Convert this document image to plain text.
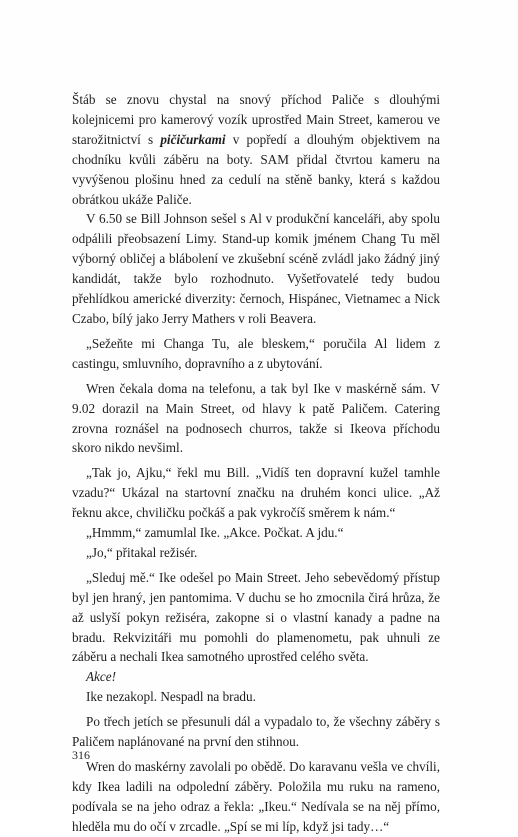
Štáb se znovu chystal na snový příchod Paliče s dlouhými kolejnicemi pro kamerový vozík uprostřed Main Street, kamerou ve starožitnictví s pičičurkami v popředí a dlouhým objektivem na chodníku kvůli záběru na boty. SAM přidal čtvrtou kameru na vyvýšenou plošinu hned za cedulí na stěně banky, která s každou obrátkou ukáže Paliče.

V 6.50 se Bill Johnson sešel s Al v produkční kanceláři, aby spolu odpálili přeobsazení Limy. Stand-up komik jménem Chang Tu měl výborný obličej a blábolení ve zkušební scéně zvládl jako žádný jiný kandidát, takže bylo rozhodnuto. Vyšetřovatelé tedy budou přehlídkou americké diverzity: černoch, Hispánec, Vietnamec a Nick Czabo, bílý jako Jerry Mathers v roli Beavera.

„Sežeňte mi Changa Tu, ale bleskem,“ poručila Al lidem z castingu, smluvního, dopravního a z ubytování.

Wren čekala doma na telefonu, a tak byl Ike v maskérně sám. V 9.02 dorazil na Main Street, od hlavy k patě Paličem. Catering zrovna roznášel na podnosech churros, takže si Ikeova příchodu skoro nikdo nevšiml.

„Tak jo, Ajku,“ řekl mu Bill. „Vidíš ten dopravní kužel tamhle vzadu?“ Ukázal na startovní značku na druhém konci ulice. „Až řeknu akce, chviličku počkáš a pak vykročíš směrem k nám.“

„Hmmm,“ zamumlal Ike. „Akce. Počkat. A jdu.“

„Jo,“ přitakal režisér.

„Sleduj mě.“ Ike odešel po Main Street. Jeho sebevědomý přístup byl jen hraný, jen pantomima. V duchu se ho zmocnila čirá hrůza, že až uslyší pokyn režiséra, zakopne si o vlastní kanady a padne na bradu. Rekvizitáři mu pomohli do plamenometu, pak uhnuli ze záběru a nechali Ikea samotného uprostřed celého světa.

Akce!

Ike nezakopl. Nespadl na bradu.

Po třech jetích se přesunuli dál a vypadalo to, že všechny záběry s Paličem naplánované na první den stihnou.

Wren do maskérny zavolali po obědě. Do karavanu vešla ve chvíli, kdy Ikea ladili na odpolední záběry. Položila mu ruku na rameno, podívala se na jeho odraz a řekla: „Ikeu.“ Nedívala se na něj přímo, hleděla mu do očí v zrcadle. „Spí se mi líp, když jsi tady…“

316
